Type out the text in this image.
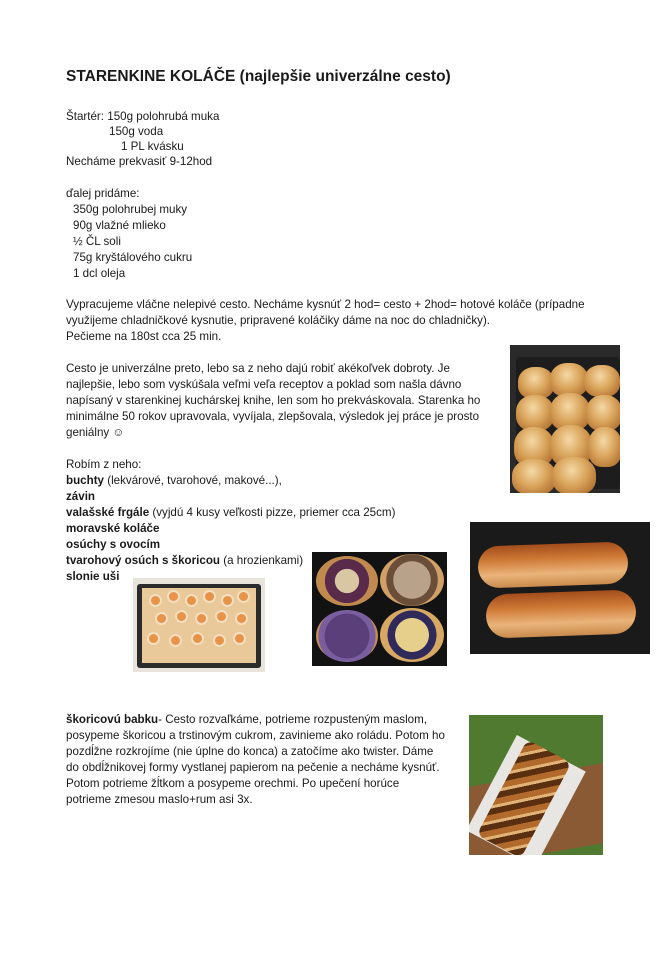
STARENKINE KOLÁČE (najlepšie univerzálne cesto)
Štartér: 150g polohrubá muka
150g voda
1 PL kvásku
Necháme prekvasiť 9-12hod
ďalej pridáme:
350g polohrubej muky
90g vlažné mlieko
½ ČL soli
75g kryštálového cukru
1 dcl oleja
Vypracujeme vláčne nelepivé cesto. Necháme kysnúť 2 hod= cesto + 2hod= hotové koláče (prípadne
využijeme chladničkové kysnutie, pripravené koláčiky dáme na noc do chladničky).
Pečieme na 180st cca 25 min.
Cesto je univerzálne preto, lebo sa z neho dajú robiť akékoľvek dobroty. Je
najlepšie, lebo som vyskúšala veľmi veľa receptov a poklad som našla dávno
napísaný v starenkinej kuchárskej knihe, len som ho prekváskovala. Starenka ho
minimálne 50 rokov upravovala, vyvíjala, zlepšovala, výsledok jej práce je prosto
geniálny ☺
Robím z neho:
buchty (lekvárové, tvarohové, makové...),
závin
valašské frgále (vyjdú 4 kusy veľkosti pizze, priemer cca 25cm)
moravské koláče
osúchy s ovocím
tvarohový osúch s škoricou (a hrozienkami)
slonie uši
škoricovú babku- Cesto rozvaľkáme, potrieme rozpusteným maslom,
posypeme škoricou a trstinovým cukrom, zavinieme ako roládu. Potom ho
pozdĺžne rozkrojíme (nie úplne do konca) a zatočíme ako twister. Dáme
do obdĺžnikovej formy vystlanej papierom na pečenie a necháme kysnúť.
Potom potrieme žĺtkom a posypeme orechmi. Po upečení horúce
potrieme zmesou maslo+rum asi 3x.
